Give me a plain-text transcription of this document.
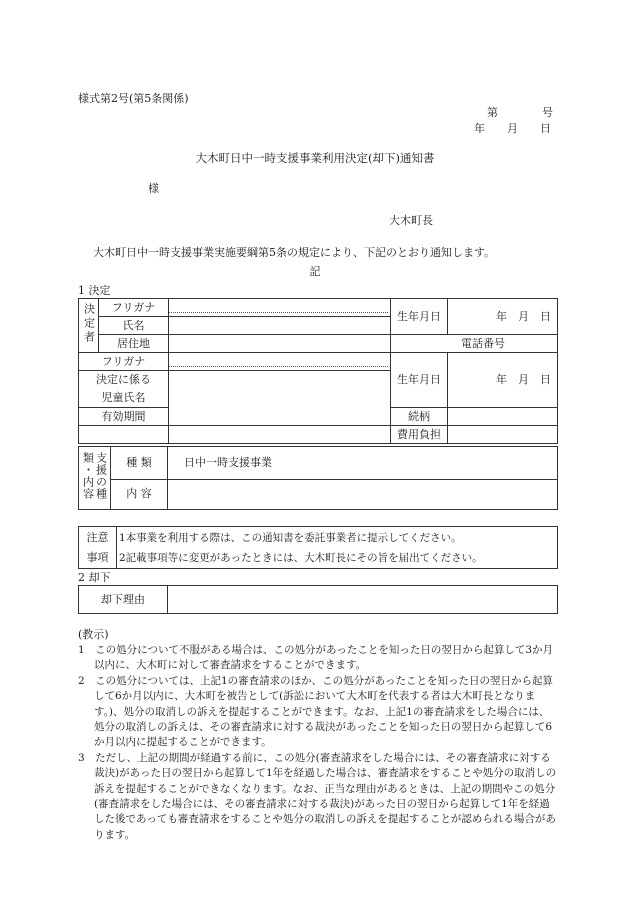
様式第2号(第5条関係)
第　　　　号
年　　月　　日
大木町日中一時支援事業利用決定(却下)通知書
様
大木町長
大木町日中一時支援事業実施要綱第5条の規定により、下記のとおり通知します。
記
1 決定
決定者	フリガナ		生年月日	年　月　日
	氏名			
	居住地		電話番号	
フリガナ			生年月日	年　月　日
決定に係る
児童氏名				
有効期間			続柄	
			費用負担	
支援の種類・内容	種 類	日中一時支援事業
	内 容	
注意
事項	1本事業を利用する際は、この通知書を委託事業者に提示してください。
2記載事項等に変更があったときには、大木町長にその旨を届出てください。
2 却下
却下理由	
(教示)

1　この処分について不服がある場合は、この処分があったことを知った日の翌日から起算して3か月以内に、大木町に対して審査請求をすることができます。

2　この処分については、上記1の審査請求のほか、この処分があったことを知った日の翌日から起算して6か月以内に、大木町を被告として(訴訟において大木町を代表する者は大木町長となります。)、処分の取消しの訴えを提起することができます。なお、上記1の審査請求をした場合には、処分の取消しの訴えは、その審査請求に対する裁決があったことを知った日の翌日から起算して6か月以内に提起することができます。

3　ただし、上記の期間が経過する前に、この処分(審査請求をした場合には、その審査請求に対する裁決)があった日の翌日から起算して1年を経過した場合は、審査請求をすることや処分の取消しの訴えを提起することができなくなります。なお、正当な理由があるときは、上記の期間やこの処分(審査請求をした場合には、その審査請求に対する裁決)があった日の翌日から起算して1年を経過した後であっても審査請求をすることや処分の取消しの訴えを提起することが認められる場合があります。
